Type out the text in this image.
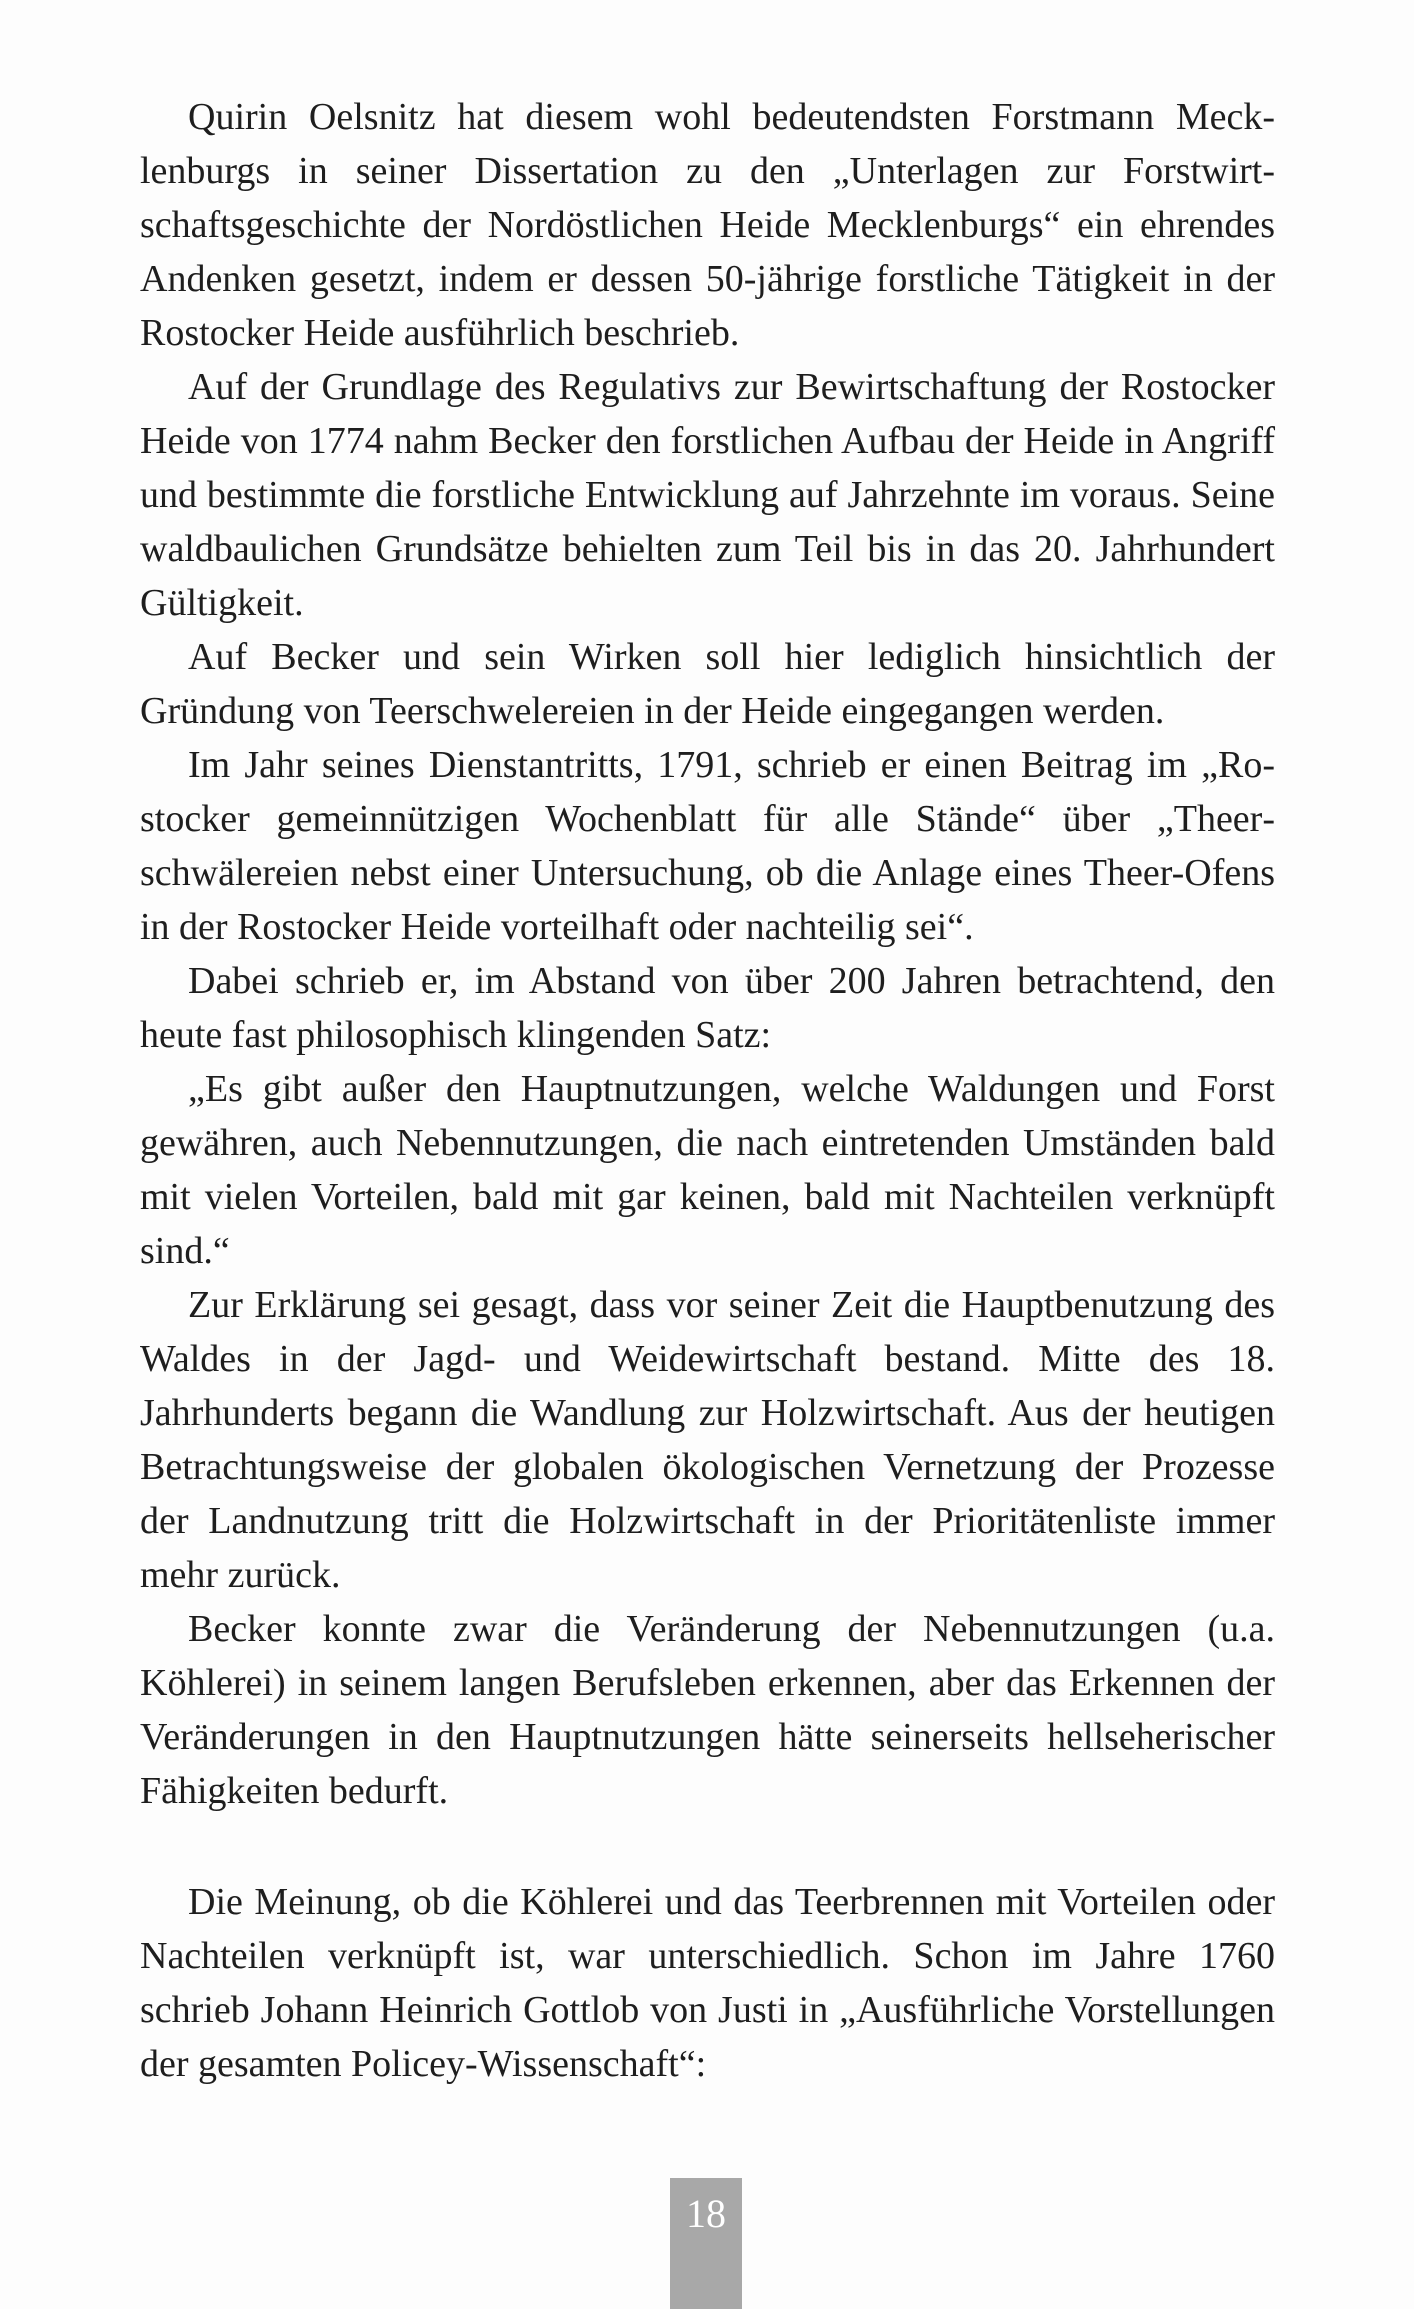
Quirin Oelsnitz hat diesem wohl bedeutendsten Forstmann Mecklenburgs in seiner Dissertation zu den „Unterlagen zur Forstwirtschaftsgeschichte der Nordöstlichen Heide Mecklenburgs“ ein ehrendes Andenken gesetzt, indem er dessen 50-jährige forstliche Tätigkeit in der Rostocker Heide ausführlich beschrieb.

Auf der Grundlage des Regulativs zur Bewirtschaftung der Rostocker Heide von 1774 nahm Becker den forstlichen Aufbau der Heide in Angriff und bestimmte die forstliche Entwicklung auf Jahrzehnte im voraus. Seine waldbaulichen Grundsätze behielten zum Teil bis in das 20. Jahrhundert Gültigkeit.

Auf Becker und sein Wirken soll hier lediglich hinsichtlich der Gründung von Teerschwelereien in der Heide eingegangen werden.

Im Jahr seines Dienstantritts, 1791, schrieb er einen Beitrag im „Rostocker gemeinnützigen Wochenblatt für alle Stände“ über „Theerschwälereien nebst einer Untersuchung, ob die Anlage eines Theer-Ofens in der Rostocker Heide vorteilhaft oder nachteilig sei“.

Dabei schrieb er, im Abstand von über 200 Jahren betrachtend, den heute fast philosophisch klingenden Satz:

„Es gibt außer den Hauptnutzungen, welche Waldungen und Forst gewähren, auch Nebennutzungen, die nach eintretenden Umständen bald mit vielen Vorteilen, bald mit gar keinen, bald mit Nachteilen verknüpft sind.“

Zur Erklärung sei gesagt, dass vor seiner Zeit die Hauptbenutzung des Waldes in der Jagd- und Weidewirtschaft bestand. Mitte des 18. Jahrhunderts begann die Wandlung zur Holzwirtschaft. Aus der heutigen Betrachtungsweise der globalen ökologischen Vernetzung der Prozesse der Landnutzung tritt die Holzwirtschaft in der Prioritätenliste immer mehr zurück.

Becker konnte zwar die Veränderung der Nebennutzungen (u.a. Köhlerei) in seinem langen Berufsleben erkennen, aber das Erkennen der Veränderungen in den Hauptnutzungen hätte seinerseits hellseherischer Fähigkeiten bedurft.

Die Meinung, ob die Köhlerei und das Teerbrennen mit Vorteilen oder Nachteilen verknüpft ist, war unterschiedlich. Schon im Jahre 1760 schrieb Johann Heinrich Gottlob von Justi in „Ausführliche Vorstellungen der gesamten Policey-Wissenschaft“:

18
